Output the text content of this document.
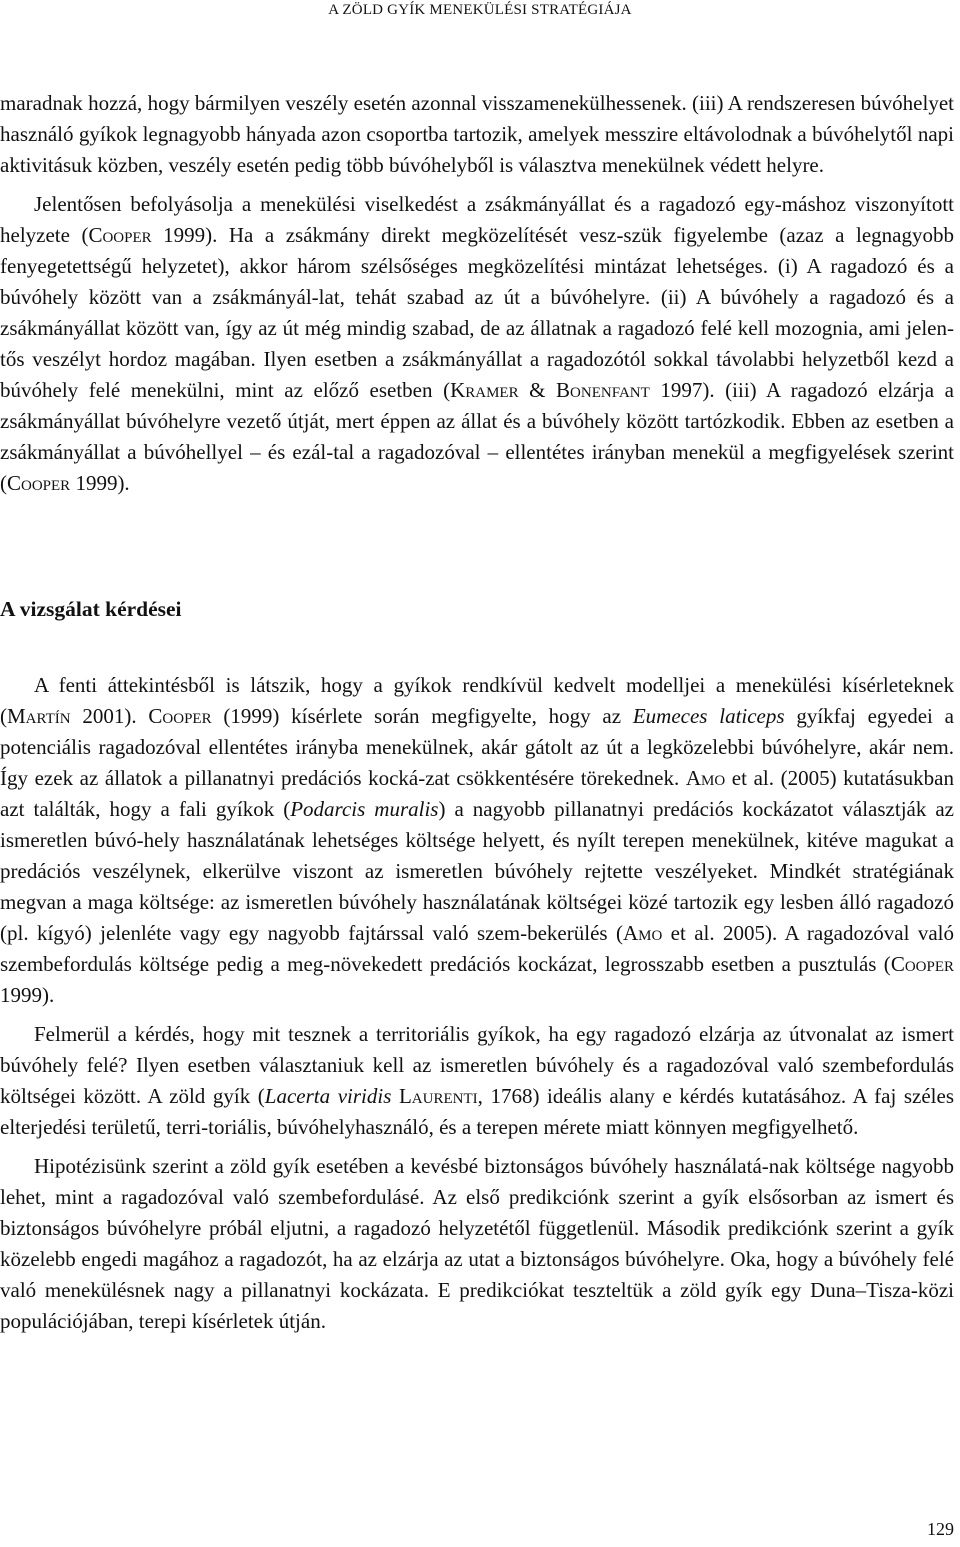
A ZÖLD GYÍK MENEKÜLÉSI STRATÉGIÁJA

maradnak hozzá, hogy bármilyen veszély esetén azonnal visszamenekülhessenek. (iii) A rendszeresen búvóhelyet használó gyíkok legnagyobb hányada azon csoportba tartozik, amelyek messzire eltávolodnak a búvóhelytől napi aktivitásuk közben, veszély esetén pedig több búvóhelyből is választva menekülnek védett helyre.

Jelentősen befolyásolja a menekülési viselkedést a zsákmányállat és a ragadozó egy-máshoz viszonyított helyzete (Cooper 1999). Ha a zsákmány direkt megközelítését vesz-szük figyelembe (azaz a legnagyobb fenyegetettségű helyzetet), akkor három szélsőséges megközelítési mintázat lehetséges. (i) A ragadozó és a búvóhely között van a zsákmányál-lat, tehát szabad az út a búvóhelyre. (ii) A búvóhely a ragadozó és a zsákmányállat között van, így az út még mindig szabad, de az állatnak a ragadozó felé kell mozognia, ami jelen-tős veszélyt hordoz magában. Ilyen esetben a zsákmányállat a ragadozótól sokkal távolabbi helyzetből kezd a búvóhely felé menekülni, mint az előző esetben (Kramer & Bonenfant 1997). (iii) A ragadozó elzárja a zsákmányállat búvóhelyre vezető útját, mert éppen az állat és a búvóhely között tartózkodik. Ebben az esetben a zsákmányállat a búvóhellyel – és ezál-tal a ragadozóval – ellentétes irányban menekül a megfigyelések szerint (Cooper 1999).

A vizsgálat kérdései

A fenti áttekintésből is látszik, hogy a gyíkok rendkívül kedvelt modelljei a menekülési kísérleteknek (Martín 2001). Cooper (1999) kísérlete során megfigyelte, hogy az Eumeces laticeps gyíkfaj egyedei a potenciális ragadozóval ellentétes irányba menekülnek, akár gátolt az út a legközelebbi búvóhelyre, akár nem. Így ezek az állatok a pillanatnyi predációs kocká-zat csökkentésére törekednek. Amo et al. (2005) kutatásukban azt találták, hogy a fali gyíkok (Podarcis muralis) a nagyobb pillanatnyi predációs kockázatot választják az ismeretlen búvó-hely használatának lehetséges költsége helyett, és nyílt terepen menekülnek, kitéve magukat a predációs veszélynek, elkerülve viszont az ismeretlen búvóhely rejtette veszélyeket. Mindkét stratégiának megvan a maga költsége: az ismeretlen búvóhely használatának költségei közé tartozik egy lesben álló ragadozó (pl. kígyó) jelenléte vagy egy nagyobb fajtárssal való szem-bekerülés (Amo et al. 2005). A ragadozóval való szembefordulás költsége pedig a meg-növekedett predációs kockázat, legrosszabb esetben a pusztulás (Cooper 1999).

Felmerül a kérdés, hogy mit tesznek a territoriális gyíkok, ha egy ragadozó elzárja az útvonalat az ismert búvóhely felé? Ilyen esetben választaniuk kell az ismeretlen búvóhely és a ragadozóval való szembefordulás költségei között. A zöld gyík (Lacerta viridis Laurenti, 1768) ideális alany e kérdés kutatásához. A faj széles elterjedési területű, terri-toriális, búvóhelyhasználó, és a terepen mérete miatt könnyen megfigyelhető.

Hipotézisünk szerint a zöld gyík esetében a kevésbé biztonságos búvóhely használatá-nak költsége nagyobb lehet, mint a ragadozóval való szembefordulásé. Az első predikciónk szerint a gyík elsősorban az ismert és biztonságos búvóhelyre próbál eljutni, a ragadozó helyzetétől függetlenül. Második predikciónk szerint a gyík közelebb engedi magához a ragadozót, ha az elzárja az utat a biztonságos búvóhelyre. Oka, hogy a búvóhely felé való menekülésnek nagy a pillanatnyi kockázata. E predikciókat teszteltük a zöld gyík egy Duna–Tisza-közi populációjában, terepi kísérletek útján.

129
